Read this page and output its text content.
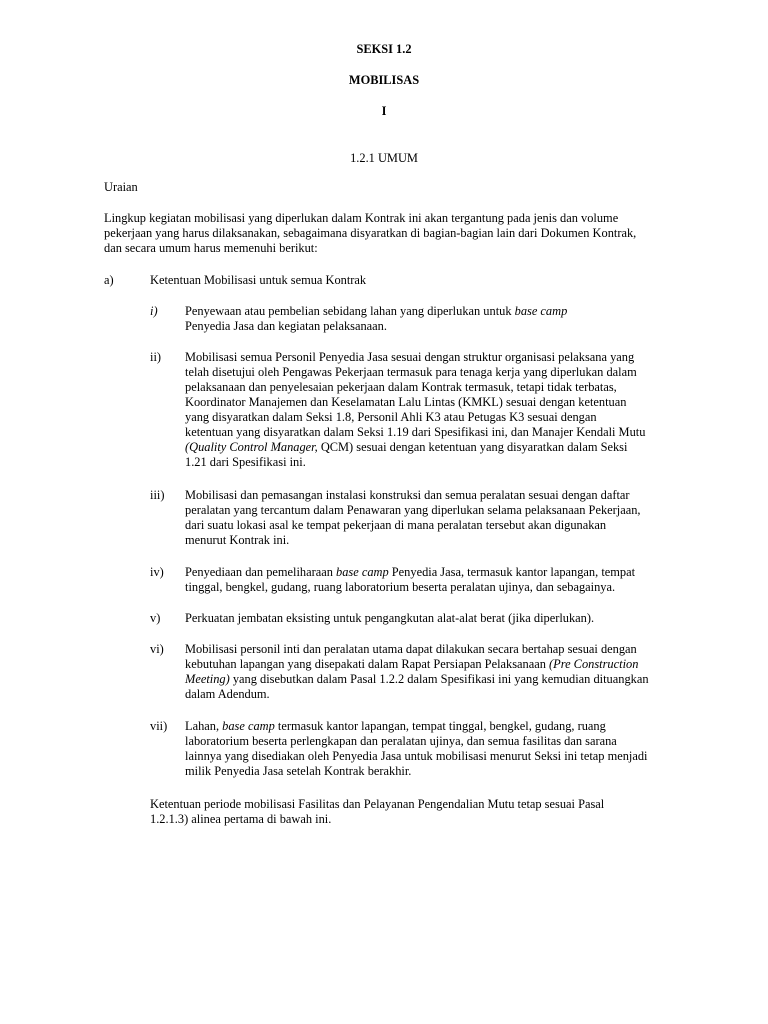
SEKSI 1.2
MOBILISAS
I
1.2.1 UMUM
Uraian
Lingkup kegiatan mobilisasi yang diperlukan dalam Kontrak ini akan tergantung pada jenis dan volume
pekerjaan yang harus dilaksanakan, sebagaimana disyaratkan di bagian-bagian lain dari Dokumen Kontrak,
dan secara umum harus memenuhi berikut:
a)	Ketentuan Mobilisasi untuk semua Kontrak
i) Penyewaan atau pembelian sebidang lahan yang diperlukan untuk base camp
Penyedia Jasa dan kegiatan pelaksanaan.
ii) Mobilisasi semua Personil Penyedia Jasa sesuai dengan struktur organisasi pelaksana yang
telah disetujui oleh Pengawas Pekerjaan termasuk para tenaga kerja yang diperlukan dalam
pelaksanaan dan penyelesaian pekerjaan dalam Kontrak termasuk, tetapi tidak terbatas,
Koordinator Manajemen dan Keselamatan Lalu Lintas (KMKL) sesuai dengan ketentuan
yang disyaratkan dalam Seksi 1.8, Personil Ahli K3 atau Petugas K3 sesuai dengan
ketentuan yang disyaratkan dalam Seksi 1.19 dari Spesifikasi ini, dan Manajer Kendali Mutu
(Quality Control Manager, QCM) sesuai dengan ketentuan yang disyaratkan dalam Seksi
1.21 dari Spesifikasi ini.
iii) Mobilisasi dan pemasangan instalasi konstruksi dan semua peralatan sesuai dengan daftar
peralatan yang tercantum dalam Penawaran yang diperlukan selama pelaksanaan Pekerjaan,
dari suatu lokasi asal ke tempat pekerjaan di mana peralatan tersebut akan digunakan
menurut Kontrak ini.
iv) Penyediaan dan pemeliharaan base camp Penyedia Jasa, termasuk kantor lapangan, tempat
tinggal, bengkel, gudang, ruang laboratorium beserta peralatan ujinya, dan sebagainya.
v) Perkuatan jembatan eksisting untuk pengangkutan alat-alat berat (jika diperlukan).
vi) Mobilisasi personil inti dan peralatan utama dapat dilakukan secara bertahap sesuai dengan
kebutuhan lapangan yang disepakati dalam Rapat Persiapan Pelaksanaan (Pre Construction
Meeting) yang disebutkan dalam Pasal 1.2.2 dalam Spesifikasi ini yang kemudian dituangkan
dalam Adendum.
vii) Lahan, base camp termasuk kantor lapangan, tempat tinggal, bengkel, gudang, ruang
laboratorium beserta perlengkapan dan peralatan ujinya, dan semua fasilitas dan sarana
lainnya yang disediakan oleh Penyedia Jasa untuk mobilisasi menurut Seksi ini tetap menjadi
milik Penyedia Jasa setelah Kontrak berakhir.
Ketentuan periode mobilisasi Fasilitas dan Pelayanan Pengendalian Mutu tetap sesuai Pasal
1.2.1.3) alinea pertama di bawah ini.
